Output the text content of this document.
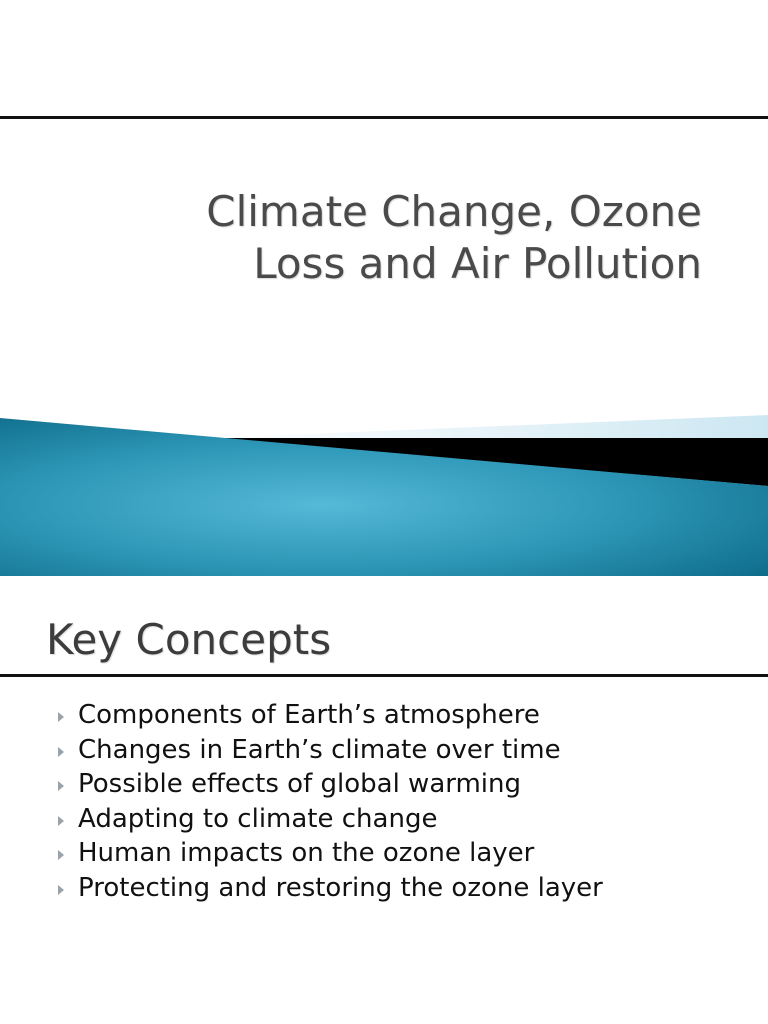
Climate Change, Ozone
Loss and Air Pollution
Key Concepts
Components of Earth’s atmosphere
Changes in Earth’s climate over time
Possible effects of global warming
Adapting to climate change
Human impacts on the ozone layer
Protecting and restoring the ozone layer
